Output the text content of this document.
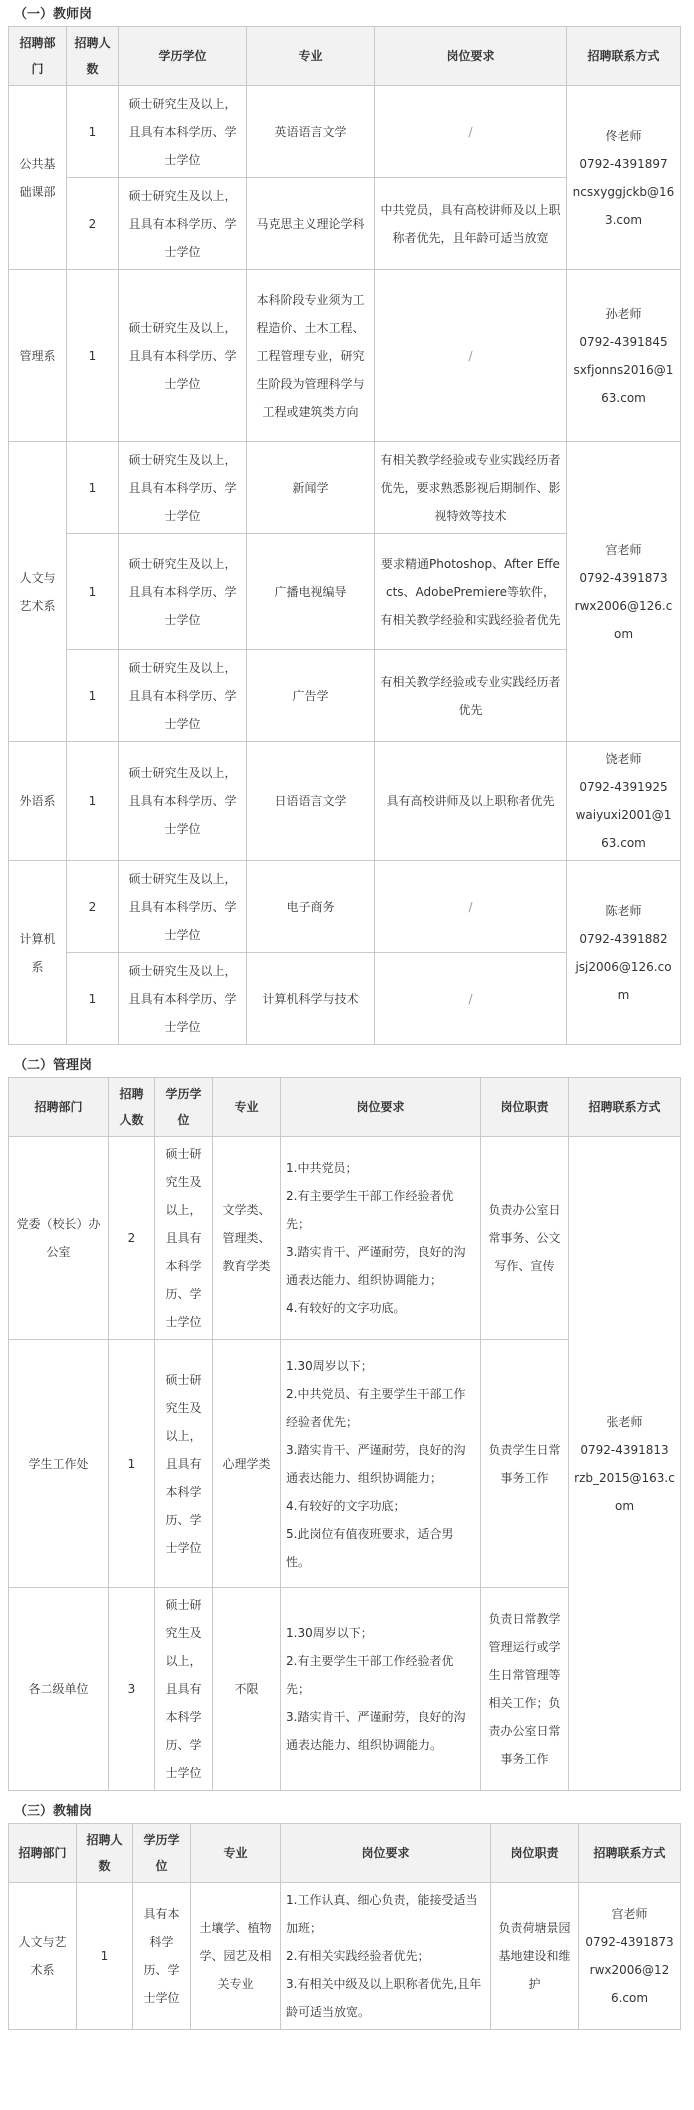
（一）教师岗
招聘部门	招聘人数	学历学位	专业	岗位要求	招聘联系方式
公共基础课部	1	硕士研究生及以上，且具有本科学历、学士学位	英语语言文学	/	佟老师
0792-4391897
ncsxyggjckb@163.com
	2	硕士研究生及以上，且具有本科学历、学士学位	马克思主义理论学科	中共党员，具有高校讲师及以上职称者优先，且年龄可适当放宽	
管理系	1	硕士研究生及以上，且具有本科学历、学士学位	本科阶段专业须为工程造价、土木工程、工程管理专业，研究生阶段为管理科学与工程或建筑类方向	/	孙老师
0792-4391845
sxfjonns2016@163.com
人文与艺术系	1	硕士研究生及以上，且具有本科学历、学士学位	新闻学	有相关教学经验或专业实践经历者优先，要求熟悉影视后期制作、影视特效等技术	宫老师
0792-4391873
rwx2006@126.com
	1	硕士研究生及以上，且具有本科学历、学士学位	广播电视编导	要求精通Photoshop、After Effects、AdobePremiere等软件，有相关教学经验和实践经验者优先	
	1	硕士研究生及以上，且具有本科学历、学士学位	广告学	有相关教学经验或专业实践经历者优先	
外语系	1	硕士研究生及以上，且具有本科学历、学士学位	日语语言文学	具有高校讲师及以上职称者优先	饶老师
0792-4391925
waiyuxi2001@163.com
计算机系	2	硕士研究生及以上，且具有本科学历、学士学位	电子商务	/	陈老师
0792-4391882
jsj2006@126.com
	1	硕士研究生及以上，且具有本科学历、学士学位	计算机科学与技术	/	
（二）管理岗
招聘部门	招聘人数	学历学位	专业	岗位要求	岗位职责	招聘联系方式
党委（校长）办公室	2	硕士研究生及以上，且具有本科学历、学士学位	文学类、管理类、教育学类	1.中共党员；
2.有主要学生干部工作经验者优先；
3.踏实肯干、严谨耐劳，良好的沟通表达能力、组织协调能力；
4.有较好的文字功底。	负责办公室日常事务、公文写作、宣传	张老师
0792-4391813
rzb_2015@163.com
学生工作处	1	硕士研究生及以上，且具有本科学历、学士学位	心理学类	1.30周岁以下；
2.中共党员、有主要学生干部工作经验者优先；
3.踏实肯干、严谨耐劳，良好的沟通表达能力、组织协调能力；
4.有较好的文字功底；
5.此岗位有值夜班要求，适合男性。	负责学生日常事务工作	
各二级单位	3	硕士研究生及以上，且具有本科学历、学士学位	不限	1.30周岁以下；
2.有主要学生干部工作经验者优先；
3.踏实肯干、严谨耐劳，良好的沟通表达能力、组织协调能力。	负责日常教学管理运行或学生日常管理等相关工作；负责办公室日常事务工作	
（三）教辅岗
招聘部门	招聘人数	学历学位	专业	岗位要求	岗位职责	招聘联系方式
人文与艺术系	1	具有本科学历、学士学位	土壤学、植物学、园艺及相关专业	1.工作认真、细心负责，能接受适当加班；
2.有相关实践经验者优先；
3.有相关中级及以上职称者优先,且年龄可适当放宽。	负责荷塘景园基地建设和维护	宫老师
0792-4391873
rwx2006@126.com
